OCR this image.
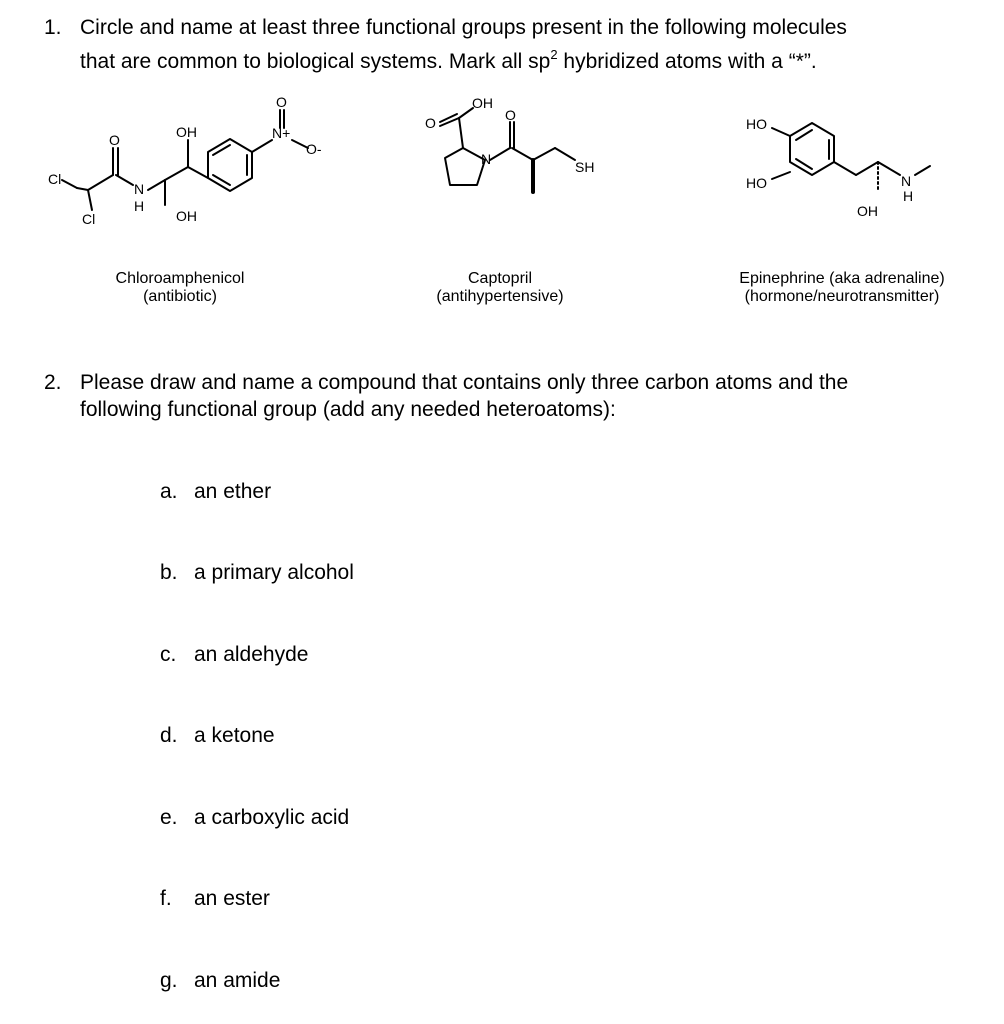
1. Circle and name at least three functional groups present in the following molecules
that are common to biological systems. Mark all $sp^2$ hybridized atoms with a “*”.
Cl
Cl
O
N
H
OH
OH
O
N+
O-
O
OH
O
N	SH
HO
HO
OH
N
H
Chloroamphenicol
(antibiotic)
Captopril
(antihypertensive)
Epinephrine (aka adrenaline)
(hormone/neurotransmitter)
2. Please draw and name a compound that contains only three carbon atoms and the
following functional group (add any needed heteroatoms):
a. an ether
b. a primary alcohol
c. an aldehyde
d. a ketone
e. a carboxylic acid
f. an ester
g. an amide
